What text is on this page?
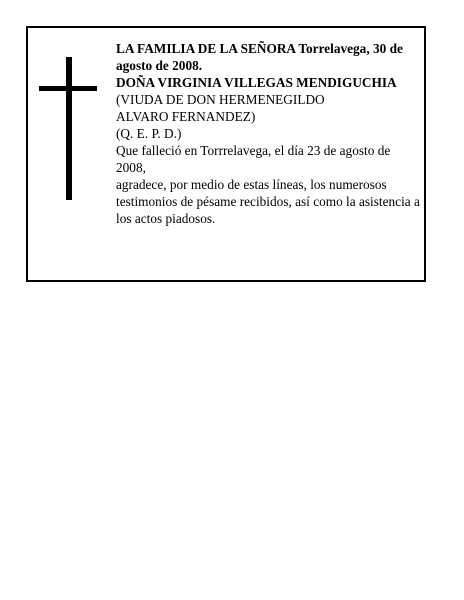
LA FAMILIA DE LA SEÑORA Torrelavega, 30 de agosto de 2008.
DOÑA VIRGINIA VILLEGAS MENDIGUCHIA
(VIUDA DE DON HERMENEGILDO
ALVARO FERNANDEZ)
(Q. E. P. D.)
Que falleció en Torrrelavega, el día 23 de agosto de 2008,
agradece, por medio de estas líneas, los numerosos testimonios de pésame recibidos, así como la asistencia a los actos piadosos.
